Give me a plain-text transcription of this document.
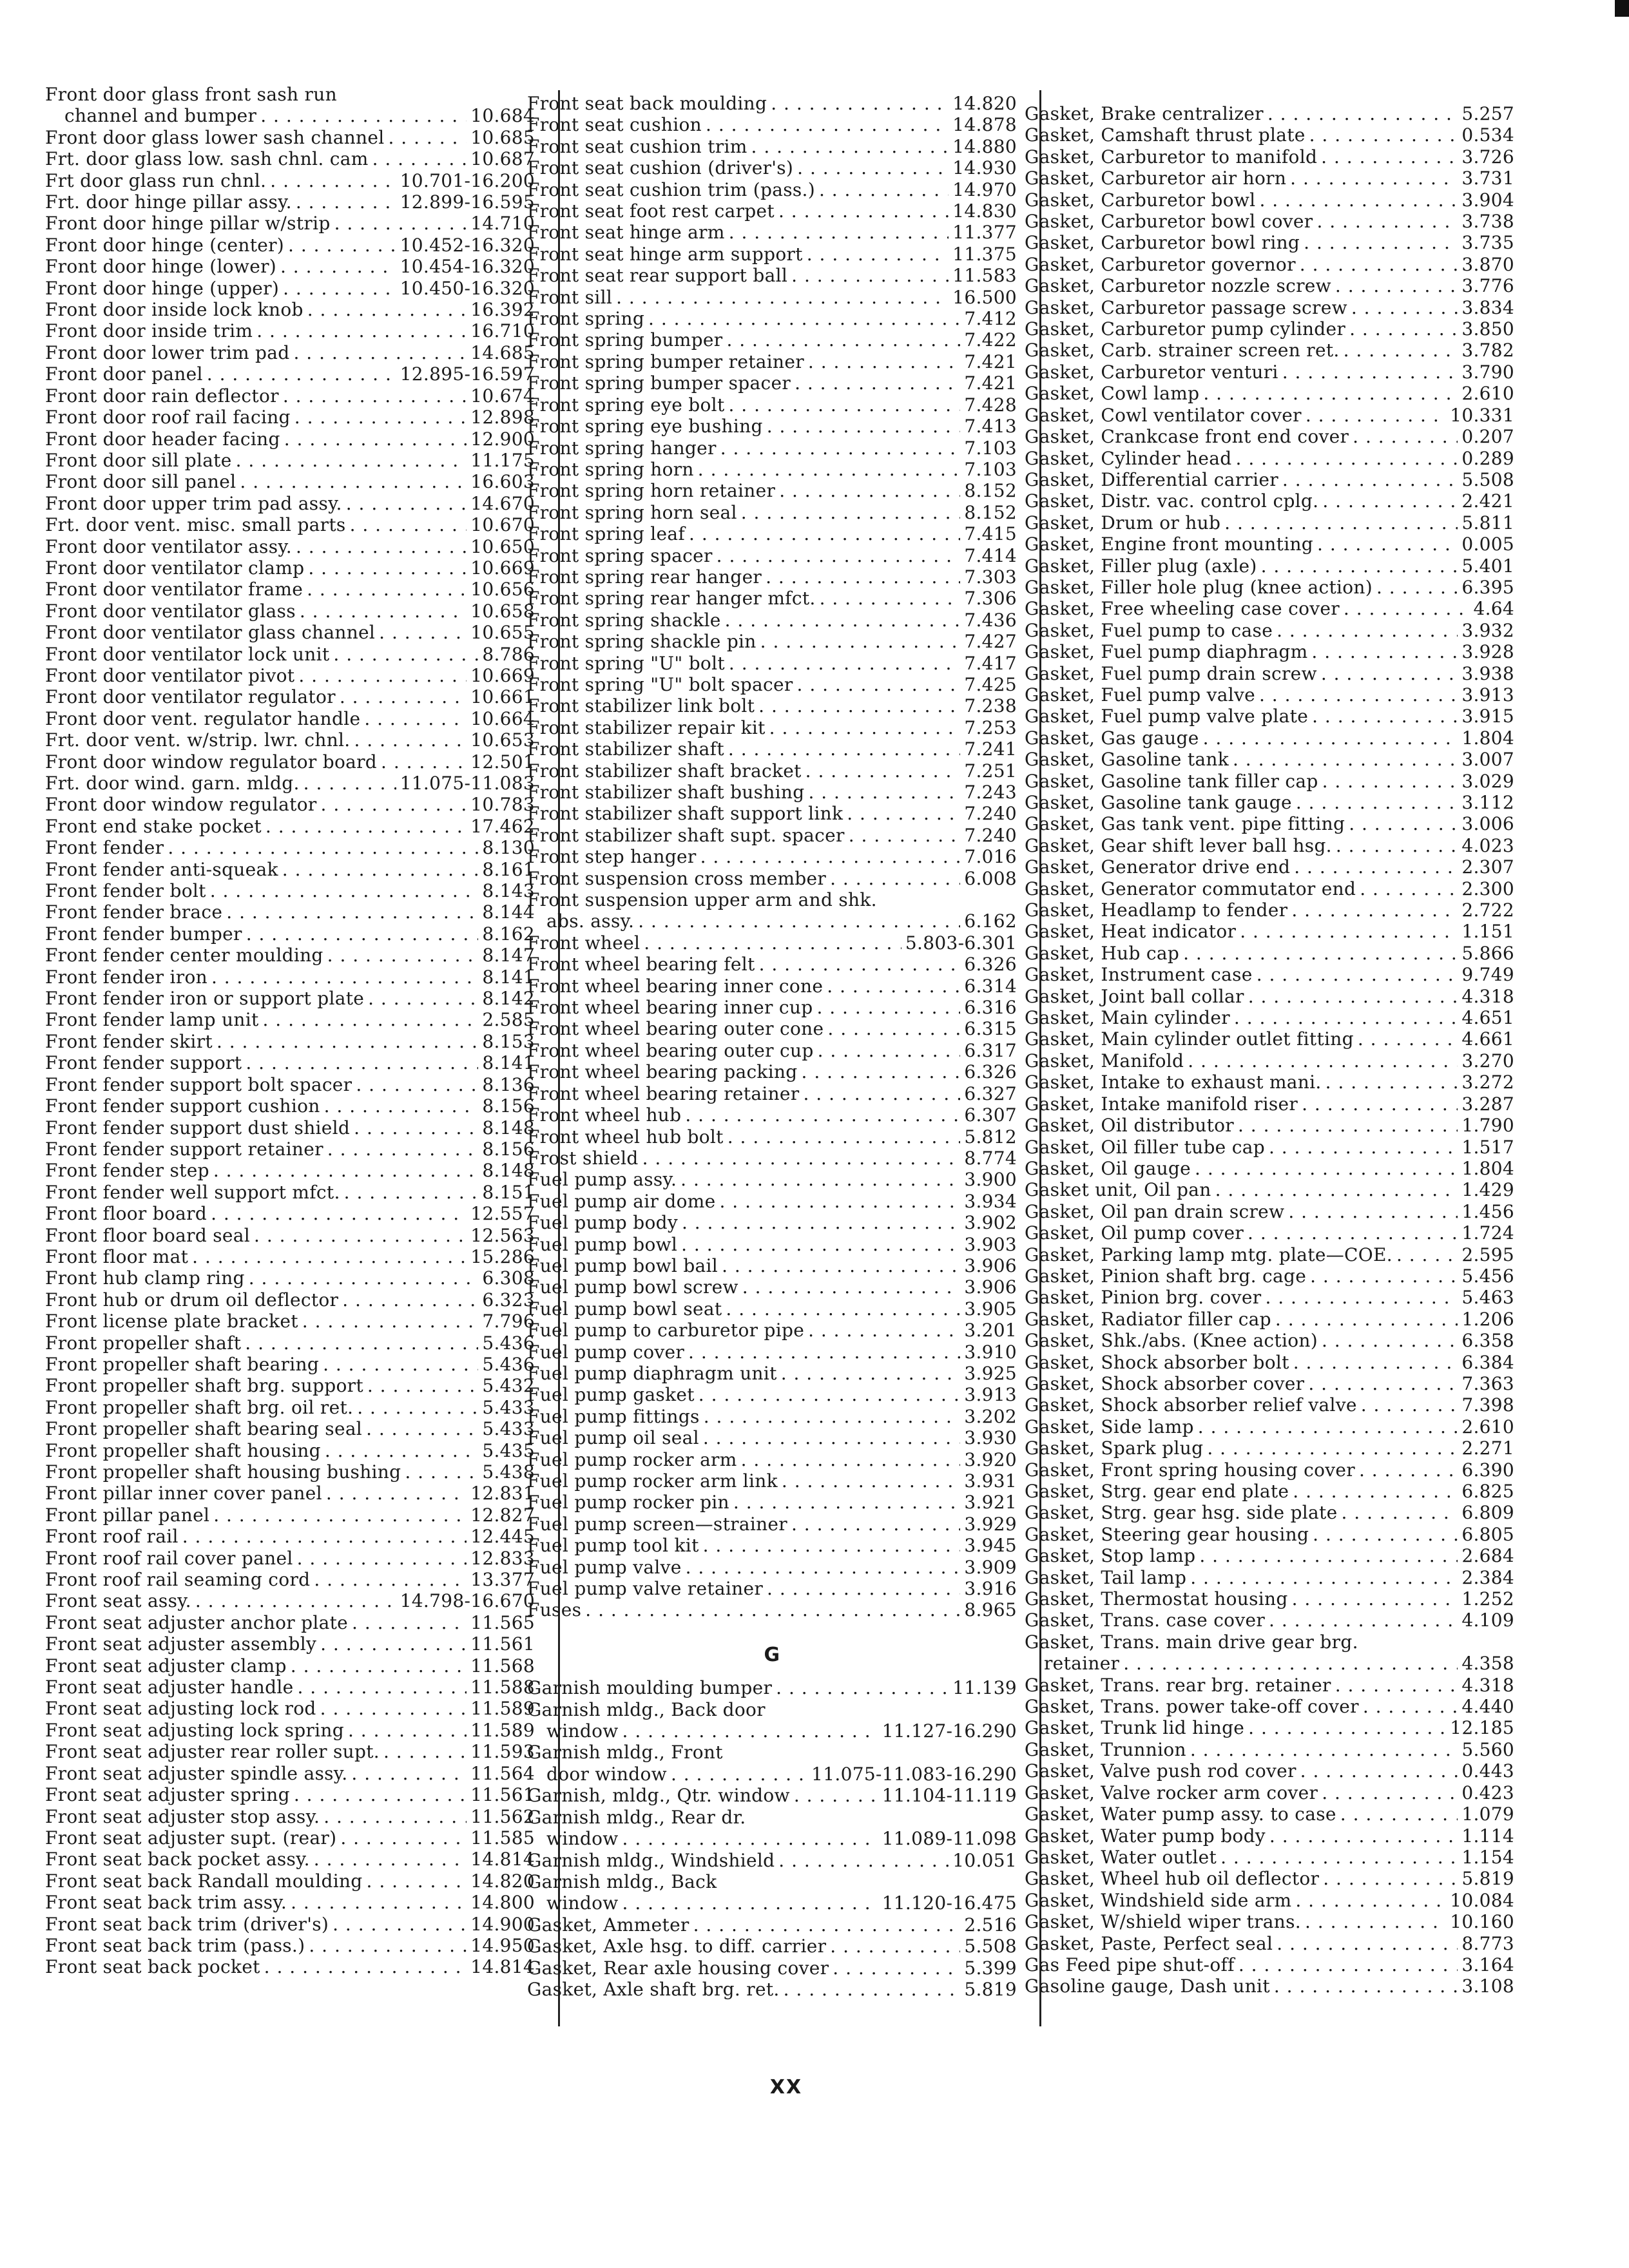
Front door glass front sash run
channel and bumper . . .	10.684
Front door glass lower sash channel . . .	10.685
Frt. door glass low. sash chnl. cam . . .	10.687
Frt door glass run chnl. . . .	10.701-16.200
Frt. door hinge pillar assy. . . .	12.899-16.595
Front door hinge pillar w/strip . . .	14.710
Front door hinge (center) . . .	10.452-16.320
Front door hinge (lower) . . .	10.454-16.320
Front door hinge (upper) . . .	10.450-16.320
Front door inside lock knob . . .	16.392
Front door inside trim . . .	16.710
Front door lower trim pad . . .	14.685
Front door panel . . .	12.895-16.597
Front door rain deflector . . .	10.674
Front door roof rail facing . . .	12.898
Front door header facing . . .	12.900
Front door sill plate . . .	11.175
Front door sill panel . . .	16.603
Front door upper trim pad assy. . . .	14.670
Frt. door vent. misc. small parts . . .	10.670
Front door ventilator assy. . . .	10.650
Front door ventilator clamp . . .	10.669
Front door ventilator frame . . .	10.656
Front door ventilator glass . . .	10.658
Front door ventilator glass channel . . .	10.655
Front door ventilator lock unit . . .	8.786
Front door ventilator pivot . . .	10.669
Front door ventilator regulator . . .	10.661
Front door vent. regulator handle . . .	10.664
Frt. door vent. w/strip. lwr. chnl. . . .	10.653
Front door window regulator board . . .	12.501
Frt. door wind. garn. mldg. . . .	11.075-11.083
Front door window regulator . . .	10.783
Front end stake pocket . . .	17.462
Front fender . . .	8.130
Front fender anti-squeak . . .	8.161
Front fender bolt . . .	8.143
Front fender brace . . .	8.144
Front fender bumper . . .	8.162
Front fender center moulding . . .	8.147
Front fender iron . . .	8.141
Front fender iron or support plate . . .	8.142
Front fender lamp unit . . .	2.585
Front fender skirt . . .	8.153
Front fender support . . .	8.141
Front fender support bolt spacer . . .	8.136
Front fender support cushion . . .	8.156
Front fender support dust shield . . .	8.148
Front fender support retainer . . .	8.156
Front fender step . . .	8.148
Front fender well support mfct. . . .	8.151
Front floor board . . .	12.557
Front floor board seal . . .	12.563
Front floor mat . . .	15.286
Front hub clamp ring . . .	6.308
Front hub or drum oil deflector . . .	6.323
Front license plate bracket . . .	7.796
Front propeller shaft . . .	5.436
Front propeller shaft bearing . . .	5.436
Front propeller shaft brg. support . . .	5.432
Front propeller shaft brg. oil ret. . . .	5.433
Front propeller shaft bearing seal . . .	5.433
Front propeller shaft housing . . .	5.435
Front propeller shaft housing bushing . . .	5.438
Front pillar inner cover panel . . .	12.831
Front pillar panel . . .	12.827
Front roof rail . . .	12.445
Front roof rail cover panel . . .	12.833
Front roof rail seaming cord . . .	13.377
Front seat assy. . . .	14.798-16.670
Front seat adjuster anchor plate . . .	11.565
Front seat adjuster assembly . . .	11.561
Front seat adjuster clamp . . .	11.568
Front seat adjuster handle . . .	11.588
Front seat adjusting lock rod . . .	11.589
Front seat adjusting lock spring . . .	11.589
Front seat adjuster rear roller supt. . . .	11.593
Front seat adjuster spindle assy. . . .	11.564
Front seat adjuster spring . . .	11.561
Front seat adjuster stop assy. . . .	11.562
Front seat adjuster supt. (rear) . . .	11.585
Front seat back pocket assy. . . .	14.814
Front seat back Randall moulding . . .	14.820
Front seat back trim assy. . . .	14.800
Front seat back trim (driver's) . . .	14.900
Front seat back trim (pass.) . . .	14.950
Front seat back pocket . . .	14.814
Front seat back moulding . . .	14.820
Front seat cushion . . .	14.878
Front seat cushion trim . . .	14.880
Front seat cushion (driver's) . . .	14.930
Front seat cushion trim (pass.) . . .	14.970
Front seat foot rest carpet . . .	14.830
Front seat hinge arm . . .	11.377
Front seat hinge arm support . . .	11.375
Front seat rear support ball . . .	11.583
Front sill . . .	16.500
Front spring . . .	7.412
Front spring bumper . . .	7.422
Front spring bumper retainer . . .	7.421
Front spring bumper spacer . . .	7.421
Front spring eye bolt . . .	7.428
Front spring eye bushing . . .	7.413
Front spring hanger . . .	7.103
Front spring horn . . .	7.103
Front spring horn retainer . . .	8.152
Front spring horn seal . . .	8.152
Front spring leaf . . .	7.415
Front spring spacer . . .	7.414
Front spring rear hanger . . .	7.303
Front spring rear hanger mfct. . . .	7.306
Front spring shackle . . .	7.436
Front spring shackle pin . . .	7.427
Front spring "U" bolt . . .	7.417
Front spring "U" bolt spacer . . .	7.425
Front stabilizer link bolt . . .	7.238
Front stabilizer repair kit . . .	7.253
Front stabilizer shaft . . .	7.241
Front stabilizer shaft bracket . . .	7.251
Front stabilizer shaft bushing . . .	7.243
Front stabilizer shaft support link . . .	7.240
Front stabilizer shaft supt. spacer . . .	7.240
Front step hanger . . .	7.016
Front suspension cross member . . .	6.008
Front suspension upper arm and shk.
abs. assy. . . .	6.162
Front wheel . . .	5.803-6.301
Front wheel bearing felt . . .	6.326
Front wheel bearing inner cone . . .	6.314
Front wheel bearing inner cup . . .	6.316
Front wheel bearing outer cone . . .	6.315
Front wheel bearing outer cup . . .	6.317
Front wheel bearing packing . . .	6.326
Front wheel bearing retainer . . .	6.327
Front wheel hub . . .	6.307
Front wheel hub bolt . . .	5.812
Frost shield . . .	8.774
Fuel pump assy. . . .	3.900
Fuel pump air dome . . .	3.934
Fuel pump body . . .	3.902
Fuel pump bowl . . .	3.903
Fuel pump bowl bail . . .	3.906
Fuel pump bowl screw . . .	3.906
Fuel pump bowl seat . . .	3.905
Fuel pump to carburetor pipe . . .	3.201
Fuel pump cover . . .	3.910
Fuel pump diaphragm unit . . .	3.925
Fuel pump gasket . . .	3.913
Fuel pump fittings . . .	3.202
Fuel pump oil seal . . .	3.930
Fuel pump rocker arm . . .	3.920
Fuel pump rocker arm link . . .	3.931
Fuel pump rocker pin . . .	3.921
Fuel pump screen—strainer . . .	3.929
Fuel pump tool kit . . .	3.945
Fuel pump valve . . .	3.909
Fuel pump valve retainer . . .	3.916
Fuses . . .	8.965
G
Garnish moulding bumper . . .	11.139
Garnish mldg., Back door
window . . .	11.127-16.290
Garnish mldg., Front
door window . . .	11.075-11.083-16.290
Garnish, mldg., Qtr. window . . .	11.104-11.119
Garnish mldg., Rear dr.
window . . .	11.089-11.098
Garnish mldg., Windshield . . .	10.051
Garnish mldg., Back
window . . .	11.120-16.475
Gasket, Ammeter . . .	2.516
Gasket, Axle hsg. to diff. carrier . . .	5.508
Gasket, Rear axle housing cover . . .	5.399
Gasket, Axle shaft brg. ret. . . .	5.819
Gasket, Brake centralizer . . .	5.257
Gasket, Camshaft thrust plate . . .	0.534
Gasket, Carburetor to manifold . . .	3.726
Gasket, Carburetor air horn . . .	3.731
Gasket, Carburetor bowl . . .	3.904
Gasket, Carburetor bowl cover . . .	3.738
Gasket, Carburetor bowl ring . . .	3.735
Gasket, Carburetor governor . . .	3.870
Gasket, Carburetor nozzle screw . . .	3.776
Gasket, Carburetor passage screw . . .	3.834
Gasket, Carburetor pump cylinder . . .	3.850
Gasket, Carb. strainer screen ret. . . .	3.782
Gasket, Carburetor venturi . . .	3.790
Gasket, Cowl lamp . . .	2.610
Gasket, Cowl ventilator cover . . .	10.331
Gasket, Crankcase front end cover . . .	0.207
Gasket, Cylinder head . . .	0.289
Gasket, Differential carrier . . .	5.508
Gasket, Distr. vac. control cplg. . . .	2.421
Gasket, Drum or hub . . .	5.811
Gasket, Engine front mounting . . .	0.005
Gasket, Filler plug (axle) . . .	5.401
Gasket, Filler hole plug (knee action) . . .	6.395
Gasket, Free wheeling case cover . . .	4.64
Gasket, Fuel pump to case . . .	3.932
Gasket, Fuel pump diaphragm . . .	3.928
Gasket, Fuel pump drain screw . . .	3.938
Gasket, Fuel pump valve . . .	3.913
Gasket, Fuel pump valve plate . . .	3.915
Gasket, Gas gauge . . .	1.804
Gasket, Gasoline tank . . .	3.007
Gasket, Gasoline tank filler cap . . .	3.029
Gasket, Gasoline tank gauge . . .	3.112
Gasket, Gas tank vent. pipe fitting . . .	3.006
Gasket, Gear shift lever ball hsg. . . .	4.023
Gasket, Generator drive end . . .	2.307
Gasket, Generator commutator end . . .	2.300
Gasket, Headlamp to fender . . .	2.722
Gasket, Heat indicator . . .	1.151
Gasket, Hub cap . . .	5.866
Gasket, Instrument case . . .	9.749
Gasket, Joint ball collar . . .	4.318
Gasket, Main cylinder . . .	4.651
Gasket, Main cylinder outlet fitting . . .	4.661
Gasket, Manifold . . .	3.270
Gasket, Intake to exhaust mani. . . .	3.272
Gasket, Intake manifold riser . . .	3.287
Gasket, Oil distributor . . .	1.790
Gasket, Oil filler tube cap . . .	1.517
Gasket, Oil gauge . . .	1.804
Gasket unit, Oil pan . . .	1.429
Gasket, Oil pan drain screw . . .	1.456
Gasket, Oil pump cover . . .	1.724
Gasket, Parking lamp mtg. plate—COE. . . .	2.595
Gasket, Pinion shaft brg. cage . . .	5.456
Gasket, Pinion brg. cover . . .	5.463
Gasket, Radiator filler cap . . .	1.206
Gasket, Shk./abs. (Knee action) . . .	6.358
Gasket, Shock absorber bolt . . .	6.384
Gasket, Shock absorber cover . . .	7.363
Gasket, Shock absorber relief valve . . .	7.398
Gasket, Side lamp . . .	2.610
Gasket, Spark plug . . .	2.271
Gasket, Front spring housing cover . . .	6.390
Gasket, Strg. gear end plate . . .	6.825
Gasket, Strg. gear hsg. side plate . . .	6.809
Gasket, Steering gear housing . . .	6.805
Gasket, Stop lamp . . .	2.684
Gasket, Tail lamp . . .	2.384
Gasket, Thermostat housing . . .	1.252
Gasket, Trans. case cover . . .	4.109
Gasket, Trans. main drive gear brg.
retainer . . .	4.358
Gasket, Trans. rear brg. retainer . . .	4.318
Gasket, Trans. power take-off cover . . .	4.440
Gasket, Trunk lid hinge . . .	12.185
Gasket, Trunnion . . .	5.560
Gasket, Valve push rod cover . . .	0.443
Gasket, Valve rocker arm cover . . .	0.423
Gasket, Water pump assy. to case . . .	1.079
Gasket, Water pump body . . .	1.114
Gasket, Water outlet . . .	1.154
Gasket, Wheel hub oil deflector . . .	5.819
Gasket, Windshield side arm . . .	10.084
Gasket, W/shield wiper trans. . . .	10.160
Gasket, Paste, Perfect seal . . .	8.773
Gas Feed pipe shut-off . . .	3.164
Gasoline gauge, Dash unit . . .	3.108
XX
